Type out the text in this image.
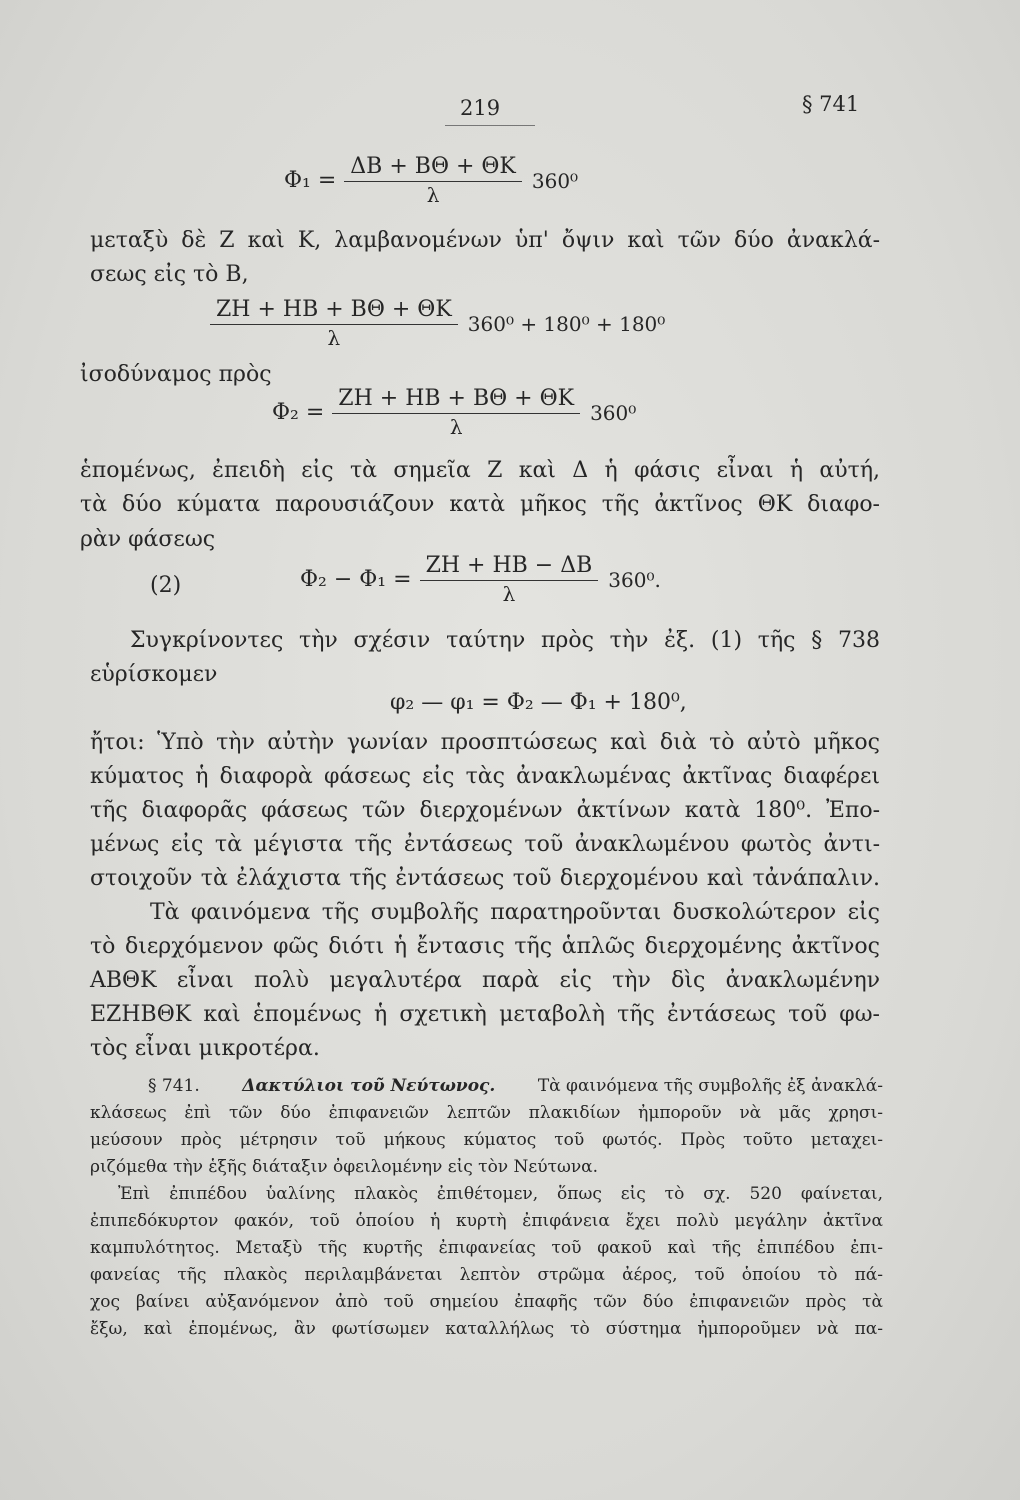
219	§ 741
$\Phi_1 = \frac{\Delta B + B\Theta + \Theta K}{\lambda} 360^0$
μεταξὺ δὲ Ζ καὶ Κ, λαμβανομένων ὑπ' ὄψιν καὶ τῶν δύο ἀνακλά-
σεως εἰς τὸ Β,
$\frac{ZH + HB + B\Theta + \Theta K}{\lambda} 360^0 + 180^0 + 180^0$
ἰσοδύναμος πρὸς
$\Phi_2 = \frac{ZH + HB + B\Theta + \Theta K}{\lambda} 360^0$
ἑπομένως, ἐπειδὴ εἰς τὰ σημεῖα Ζ καὶ Δ ἡ φάσις εἶναι ἡ αὐτή,
τὰ δύο κύματα παρουσιάζουν κατὰ μῆκος τῆς ἀκτῖνος ΘΚ διαφο-
ρὰν φάσεως
(2)	$\Phi_2 - \Phi_1 = \frac{ZH + HB - \Delta B}{\lambda} 360^0$.
Συγκρίνοντες τὴν σχέσιν ταύτην πρὸς τὴν ἐξ. (1) τῆς § 738
εὑρίσκομεν
φ₂ — φ₁ = Φ₂ — Φ₁ + 180⁰,
ἤτοι: Ὑπὸ τὴν αὐτὴν γωνίαν προσπτώσεως καὶ διὰ τὸ αὐτὸ μῆκος
κύματος ἡ διαφορὰ φάσεως εἰς τὰς ἀνακλωμένας ἀκτῖνας διαφέρει
τῆς διαφορᾶς φάσεως τῶν διερχομένων ἀκτίνων κατὰ 180⁰. Ἐπο-
μένως εἰς τὰ μέγιστα τῆς ἐντάσεως τοῦ ἀνακλωμένου φωτὸς ἀντι-
στοιχοῦν τὰ ἐλάχιστα τῆς ἐντάσεως τοῦ διερχομένου καὶ τἀνάπαλιν.
Τὰ φαινόμενα τῆς συμβολῆς παρατηροῦνται δυσκολώτερον εἰς
τὸ διερχόμενον φῶς διότι ἡ ἔντασις τῆς ἁπλῶς διερχομένης ἀκτῖνος
ΑΒΘΚ εἶναι πολὺ μεγαλυτέρα παρὰ εἰς τὴν δὶς ἀνακλωμένην
ΕΖΗΒΘΚ καὶ ἑπομένως ἡ σχετικὴ μεταβολὴ τῆς ἐντάσεως τοῦ φω-
τὸς εἶναι μικροτέρα.
§ 741. Δακτύλιοι τοῦ Νεύτωνος. Τὰ φαινόμενα τῆς συμβολῆς ἐξ ἀνακλά-
κλάσεως ἐπὶ τῶν δύο ἐπιφανειῶν λεπτῶν πλακιδίων ἠμποροῦν νὰ μᾶς χρησι-
μεύσουν πρὸς μέτρησιν τοῦ μήκους κύματος τοῦ φωτός. Πρὸς τοῦτο μεταχει-
ριζόμεθα τὴν ἑξῆς διάταξιν ὀφειλομένην εἰς τὸν Νεύτωνα.
Ἐπὶ ἐπιπέδου ὑαλίνης πλακὸς ἐπιθέτομεν, ὅπως εἰς τὸ σχ. 520 φαίνεται,
ἐπιπεδόκυρτον φακόν, τοῦ ὁποίου ἡ κυρτὴ ἐπιφάνεια ἔχει πολὺ μεγάλην ἀκτῖνα
καμπυλότητος. Μεταξὺ τῆς κυρτῆς ἐπιφανείας τοῦ φακοῦ καὶ τῆς ἐπιπέδου ἐπι-
φανείας τῆς πλακὸς περιλαμβάνεται λεπτὸν στρῶμα ἀέρος, τοῦ ὁποίου τὸ πά-
χος βαίνει αὐξανόμενον ἀπὸ τοῦ σημείου ἐπαφῆς τῶν δύο ἐπιφανειῶν πρὸς τὰ
ἔξω, καὶ ἑπομένως, ἂν φωτίσωμεν καταλλήλως τὸ σύστημα ἠμποροῦμεν νὰ πα-
